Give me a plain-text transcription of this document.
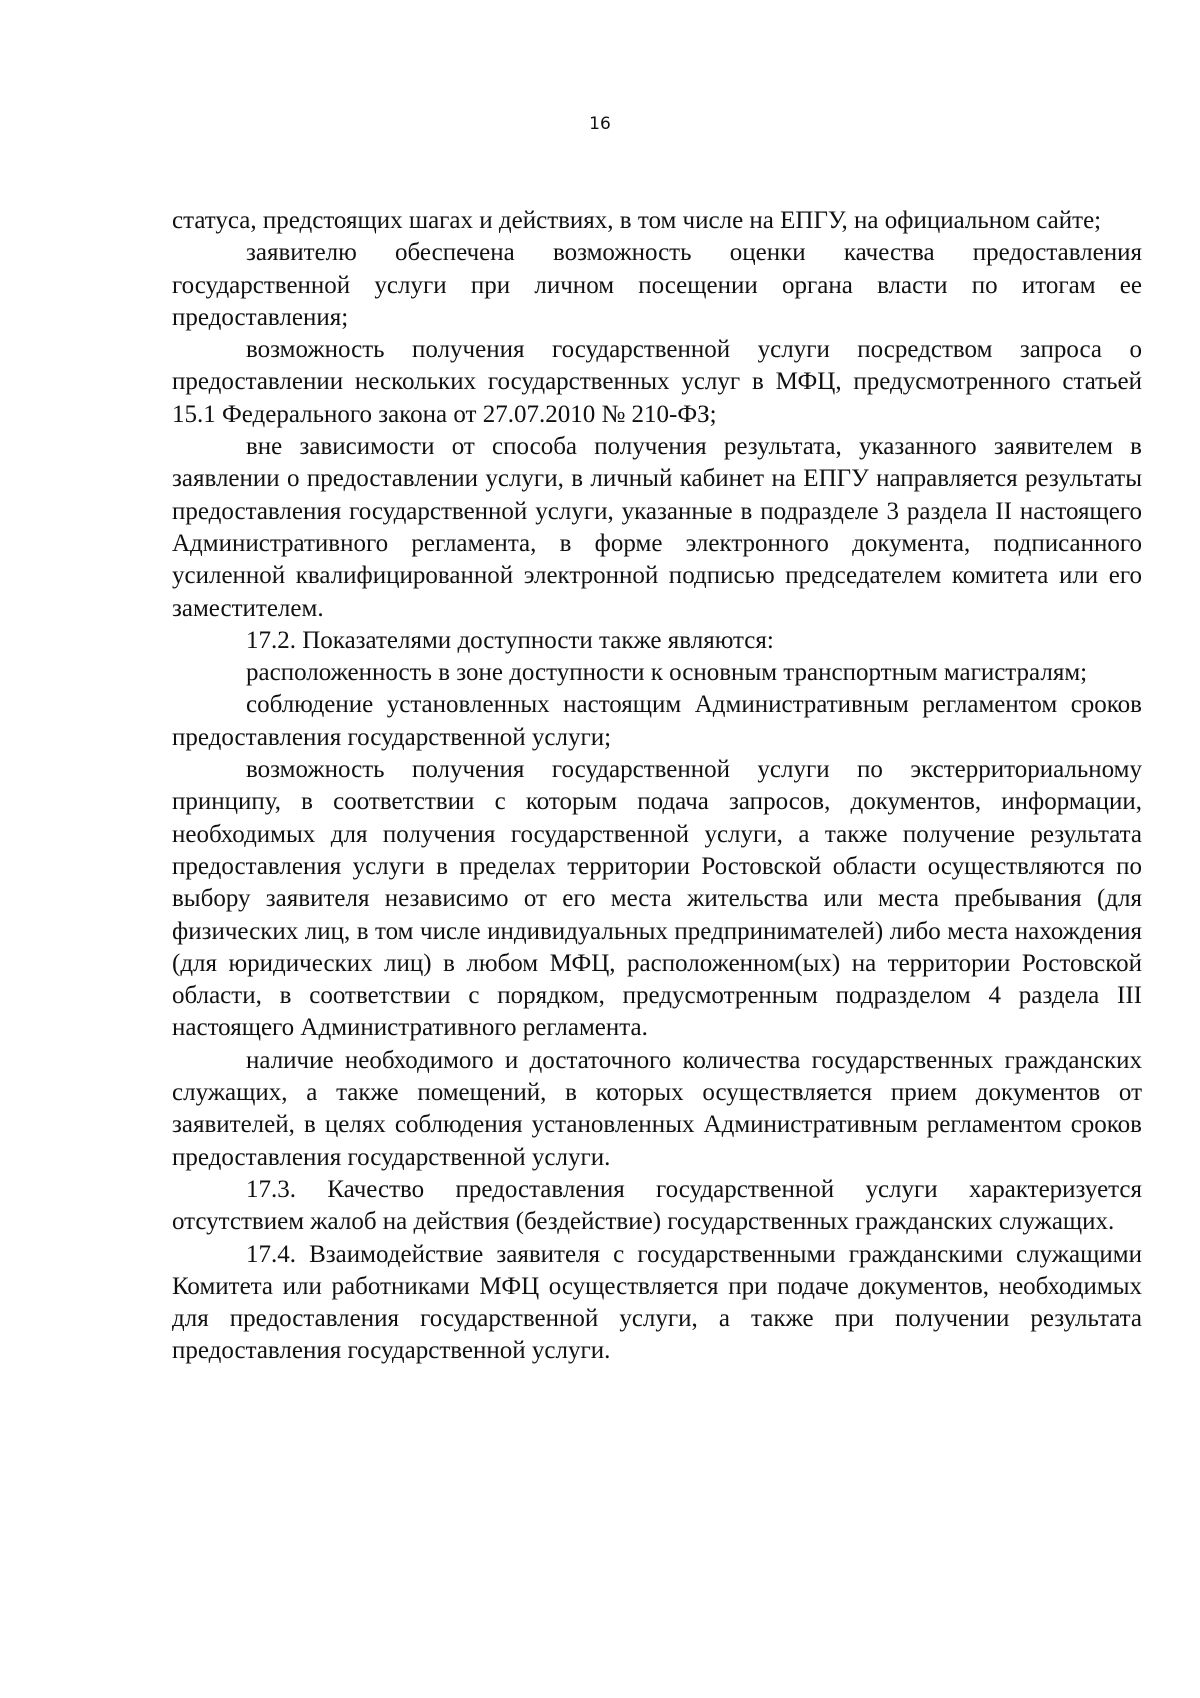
16

статуса, предстоящих шагах и действиях, в том числе на ЕПГУ, на официальном сайте;

заявителю обеспечена возможность оценки качества предоставления государственной услуги при личном посещении органа власти по итогам ее предоставления;

возможность получения государственной услуги посредством запроса о предоставлении нескольких государственных услуг в МФЦ, предусмотренного статьей 15.1 Федерального закона от 27.07.2010 № 210-ФЗ;

вне зависимости от способа получения результата, указанного заявителем в заявлении о предоставлении услуги, в личный кабинет на ЕПГУ направляется результаты предоставления государственной услуги, указанные в подразделе 3 раздела II настоящего Административного регламента, в форме электронного документа, подписанного усиленной квалифицированной электронной подписью председателем комитета или его заместителем.

17.2. Показателями доступности также являются:

расположенность в зоне доступности к основным транспортным магистралям;

соблюдение установленных настоящим Административным регламентом сроков предоставления государственной услуги;

возможность получения государственной услуги по экстерриториальному принципу, в соответствии с которым подача запросов, документов, информации, необходимых для получения государственной услуги, а также получение результата предоставления услуги в пределах территории Ростовской области осуществляются по выбору заявителя независимо от его места жительства или места пребывания (для физических лиц, в том числе индивидуальных предпринимателей) либо места нахождения (для юридических лиц) в любом МФЦ, расположенном(ых) на территории Ростовской области, в соответствии с порядком, предусмотренным подразделом 4 раздела III настоящего Административного регламента.

наличие необходимого и достаточного количества государственных гражданских служащих, а также помещений, в которых осуществляется прием документов от заявителей, в целях соблюдения установленных Административным регламентом сроков предоставления государственной услуги.

17.3. Качество предоставления государственной услуги характеризуется отсутствием жалоб на действия (бездействие) государственных гражданских служащих.

17.4. Взаимодействие заявителя с государственными гражданскими служащими Комитета или работниками МФЦ осуществляется при подаче документов, необходимых для предоставления государственной услуги, а также при получении результата предоставления государственной услуги.
